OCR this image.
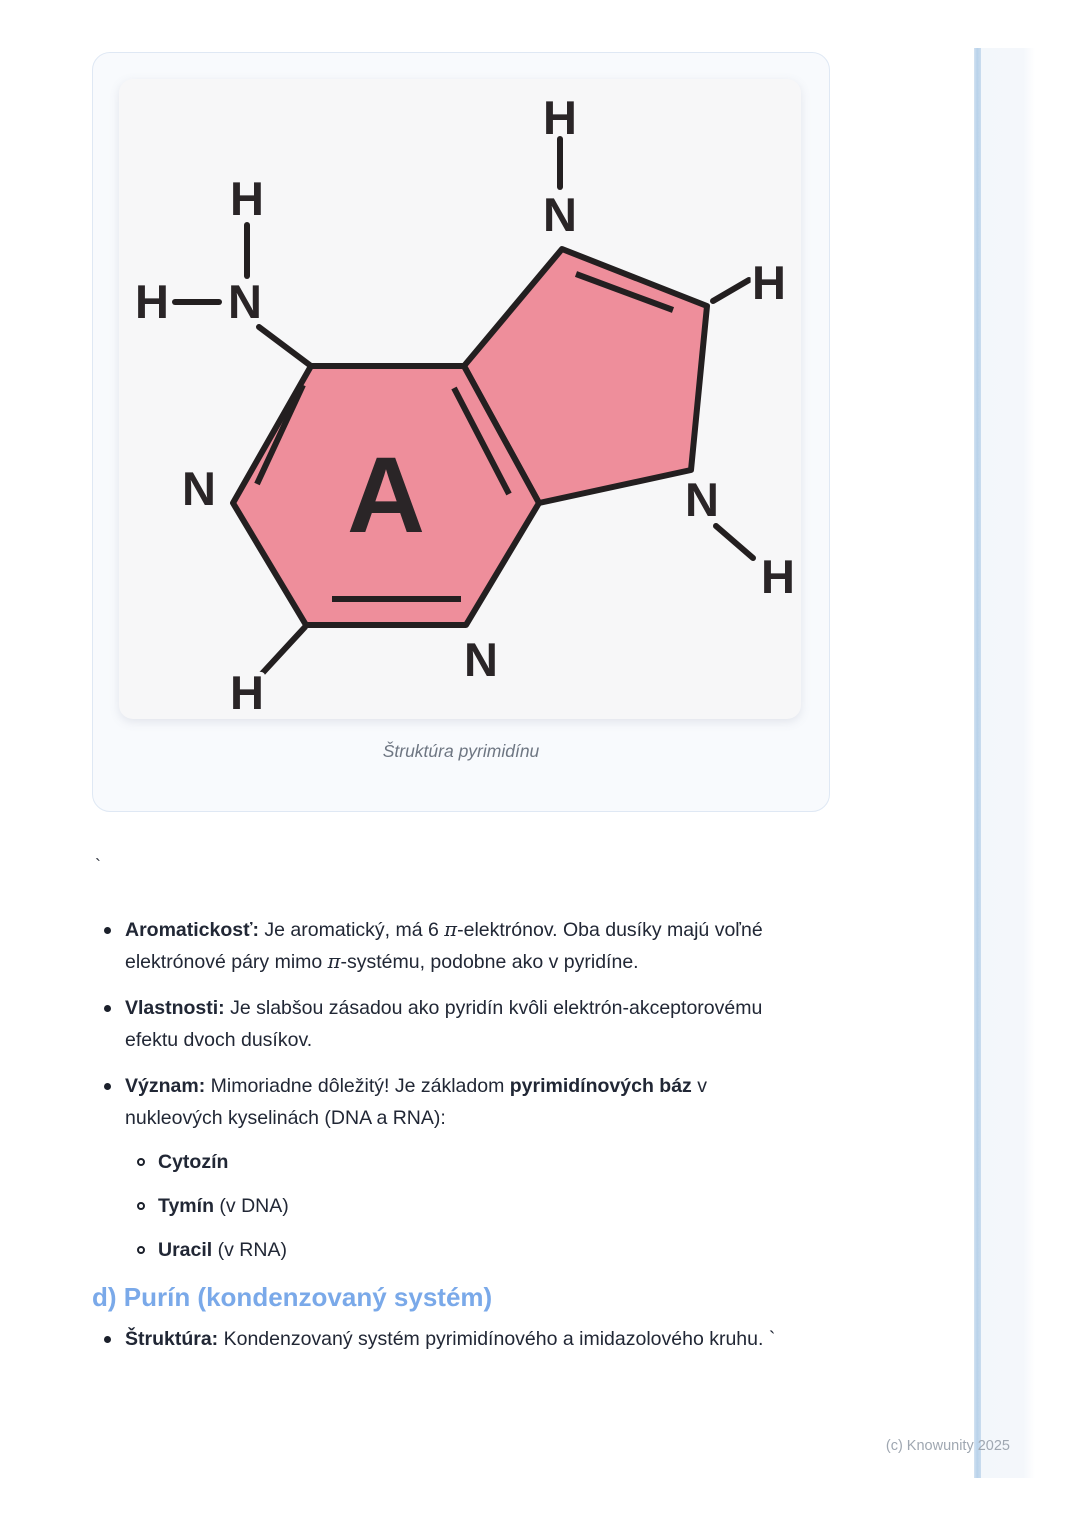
N
N
N
N
N
H
H
H
H
H
H
A
Štruktúra pyrimidínu
`
Aromatickosť: Je aromatický, má 6 π-elektrónov. Oba dusíky majú voľné
elektrónové páry mimo π-systému, podobne ako v pyridíne.
Vlastnosti: Je slabšou zásadou ako pyridín kvôli elektrón-akceptorovému
efektu dvoch dusíkov.
Význam: Mimoriadne dôležitý! Je základom pyrimidínových báz v
nukleových kyselinách (DNA a RNA):
Cytozín
Tymín (v DNA)
Uracil (v RNA)
d) Purín (kondenzovaný systém)
Štruktúra: Kondenzovaný systém pyrimidínového a imidazolového kruhu. `
(c) Knowunity 2025
